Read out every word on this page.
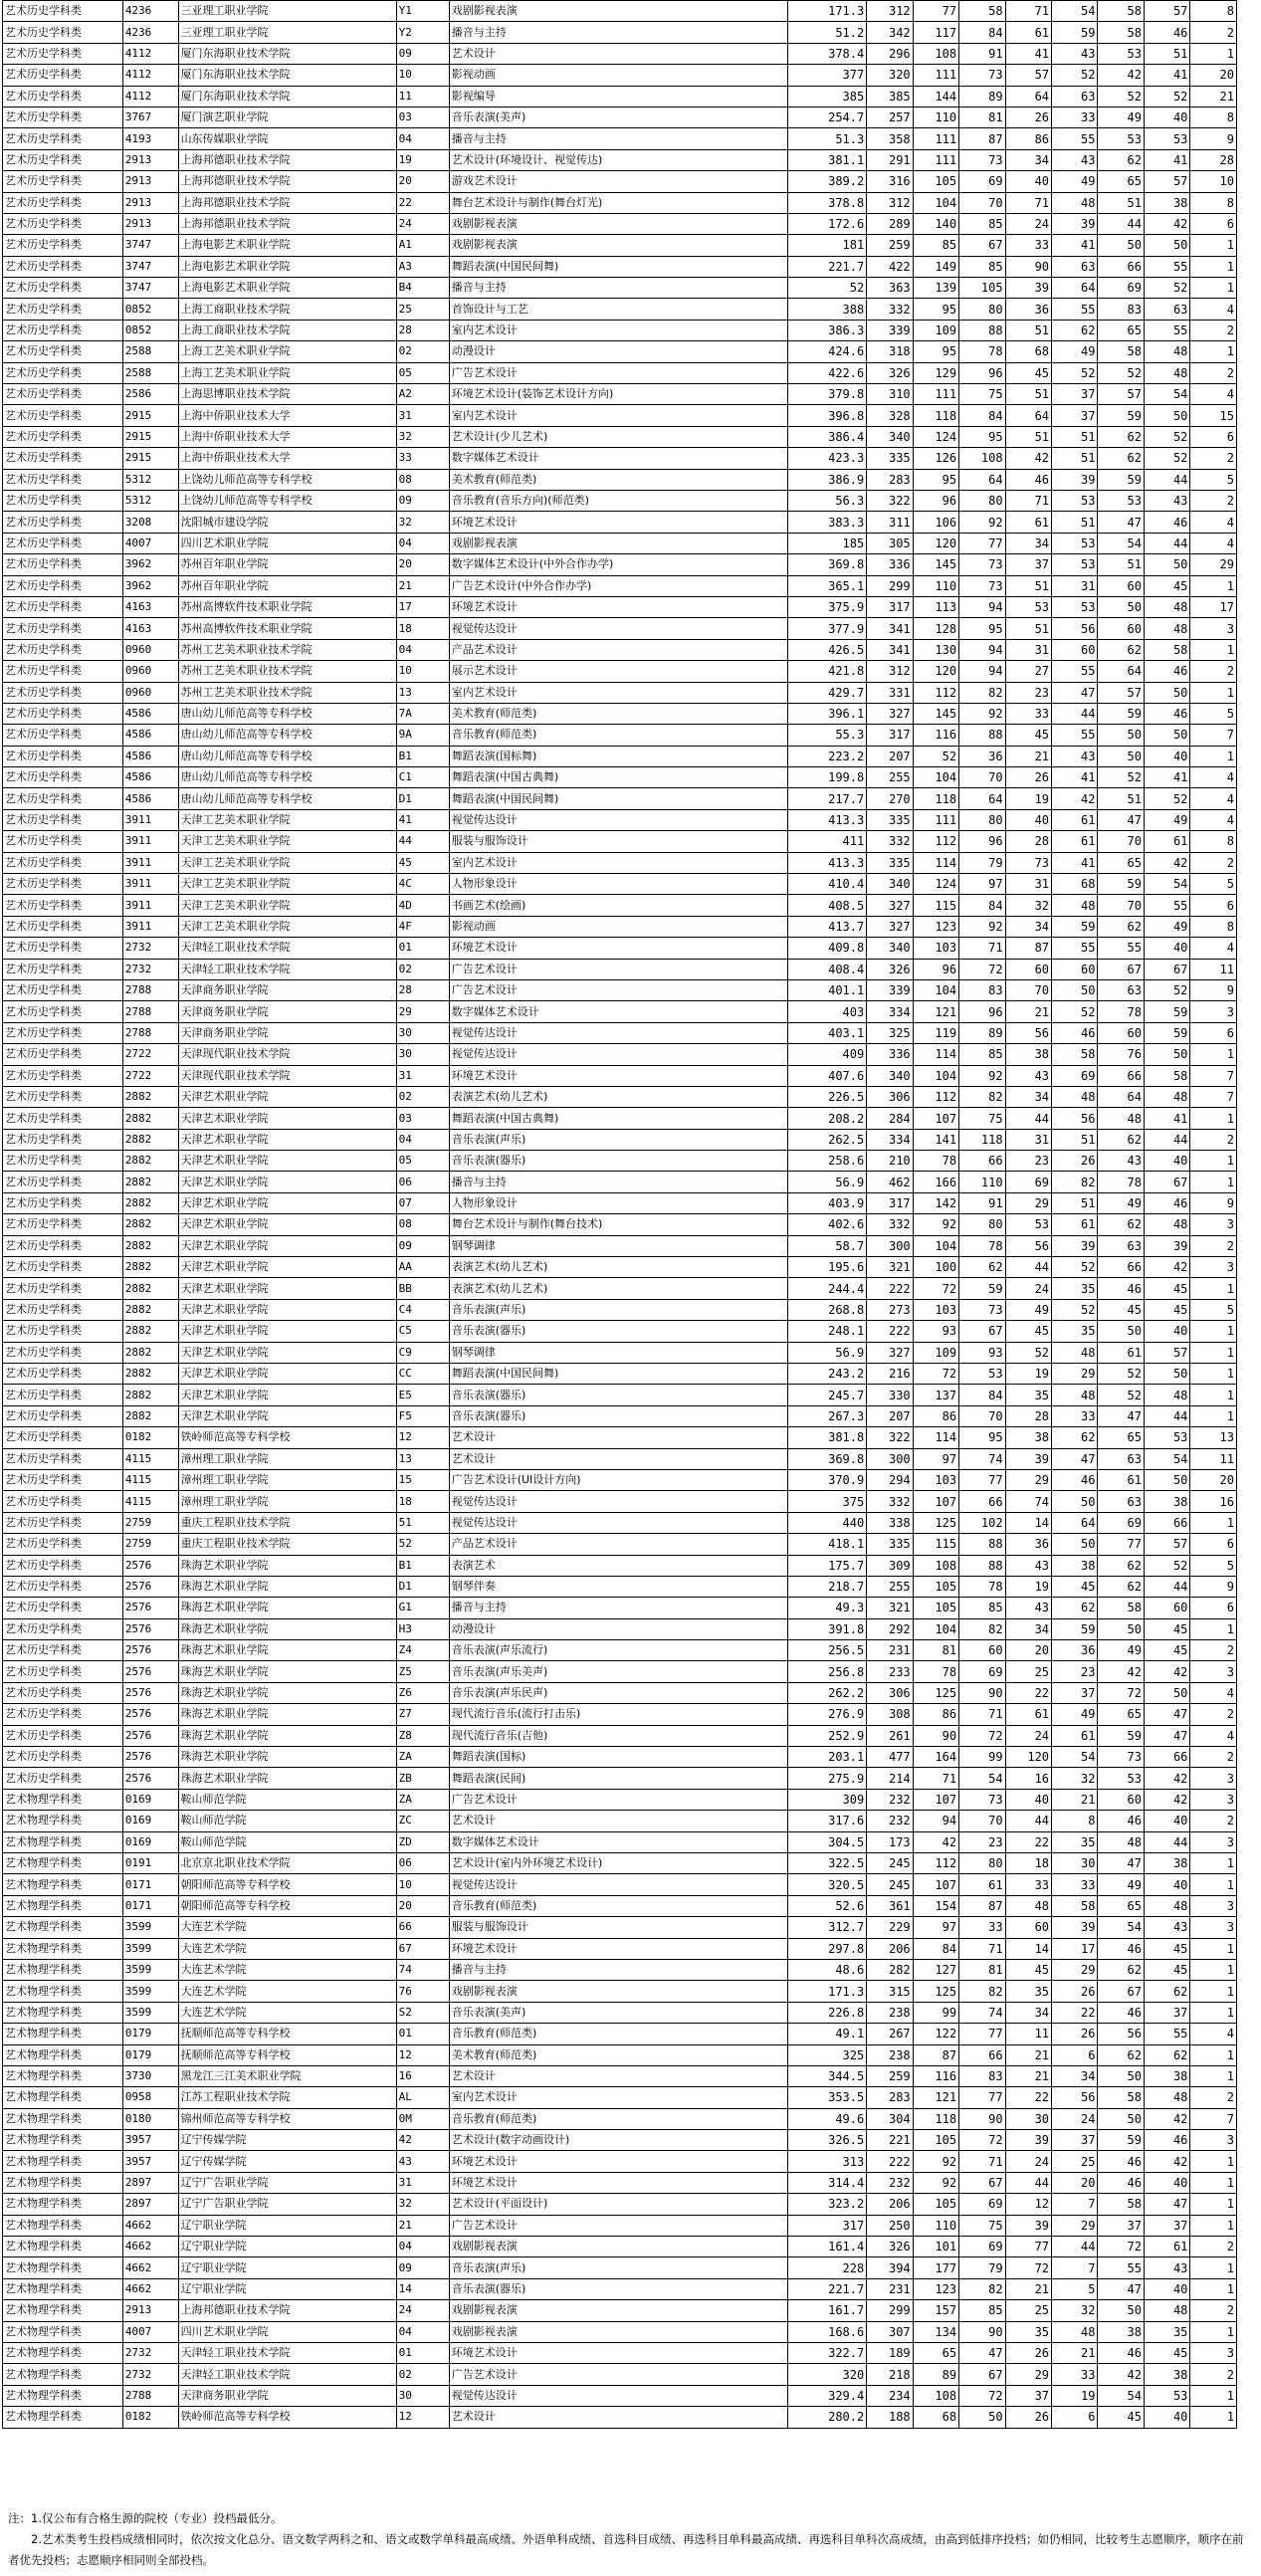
艺术历史学科类	4236	三亚理工职业学院	Y1	戏剧影视表演	171.3	312	77	58	71	54	58	57	8
艺术历史学科类	4236	三亚理工职业学院	Y2	播音与主持	51.2	342	117	84	61	59	58	46	2
艺术历史学科类	4112	厦门东海职业技术学院	09	艺术设计	378.4	296	108	91	41	43	53	51	1
艺术历史学科类	4112	厦门东海职业技术学院	10	影视动画	377	320	111	73	57	52	42	41	20
艺术历史学科类	4112	厦门东海职业技术学院	11	影视编导	385	385	144	89	64	63	52	52	21
艺术历史学科类	3767	厦门演艺职业学院	03	音乐表演(美声)	254.7	257	110	81	26	33	49	40	8
艺术历史学科类	4193	山东传媒职业学院	04	播音与主持	51.3	358	111	87	86	55	53	53	9
艺术历史学科类	2913	上海邦德职业技术学院	19	艺术设计(环境设计、视觉传达)	381.1	291	111	73	34	43	62	41	28
艺术历史学科类	2913	上海邦德职业技术学院	20	游戏艺术设计	389.2	316	105	69	40	49	65	57	10
艺术历史学科类	2913	上海邦德职业技术学院	22	舞台艺术设计与制作(舞台灯光)	378.8	312	104	70	71	48	51	38	8
艺术历史学科类	2913	上海邦德职业技术学院	24	戏剧影视表演	172.6	289	140	85	24	39	44	42	6
艺术历史学科类	3747	上海电影艺术职业学院	A1	戏剧影视表演	181	259	85	67	33	41	50	50	1
艺术历史学科类	3747	上海电影艺术职业学院	A3	舞蹈表演(中国民间舞)	221.7	422	149	85	90	63	66	55	1
艺术历史学科类	3747	上海电影艺术职业学院	B4	播音与主持	52	363	139	105	39	64	69	52	1
艺术历史学科类	0852	上海工商职业技术学院	25	首饰设计与工艺	388	332	95	80	36	55	83	63	4
艺术历史学科类	0852	上海工商职业技术学院	28	室内艺术设计	386.3	339	109	88	51	62	65	55	2
艺术历史学科类	2588	上海工艺美术职业学院	02	动漫设计	424.6	318	95	78	68	49	58	48	1
艺术历史学科类	2588	上海工艺美术职业学院	05	广告艺术设计	422.6	326	129	96	45	52	52	48	2
艺术历史学科类	2586	上海思博职业技术学院	A2	环境艺术设计(装饰艺术设计方向)	379.8	310	111	75	51	37	57	54	4
艺术历史学科类	2915	上海中侨职业技术大学	31	室内艺术设计	396.8	328	118	84	64	37	59	50	15
艺术历史学科类	2915	上海中侨职业技术大学	32	艺术设计(少儿艺术)	386.4	340	124	95	51	51	62	52	6
艺术历史学科类	2915	上海中侨职业技术大学	33	数字媒体艺术设计	423.3	335	126	108	42	51	62	52	2
艺术历史学科类	5312	上饶幼儿师范高等专科学校	08	美术教育(师范类)	386.9	283	95	64	46	39	59	44	5
艺术历史学科类	5312	上饶幼儿师范高等专科学校	09	音乐教育(音乐方向)(师范类)	56.3	322	96	80	71	53	53	43	2
艺术历史学科类	3208	沈阳城市建设学院	32	环境艺术设计	383.3	311	106	92	61	51	47	46	4
艺术历史学科类	4007	四川艺术职业学院	04	戏剧影视表演	185	305	120	77	34	53	54	44	4
艺术历史学科类	3962	苏州百年职业学院	20	数字媒体艺术设计(中外合作办学)	369.8	336	145	73	37	53	51	50	29
艺术历史学科类	3962	苏州百年职业学院	21	广告艺术设计(中外合作办学)	365.1	299	110	73	51	31	60	45	1
艺术历史学科类	4163	苏州高博软件技术职业学院	17	环境艺术设计	375.9	317	113	94	53	53	50	48	17
艺术历史学科类	4163	苏州高博软件技术职业学院	18	视觉传达设计	377.9	341	128	95	51	56	60	48	3
艺术历史学科类	0960	苏州工艺美术职业技术学院	04	产品艺术设计	426.5	341	130	94	31	60	62	58	1
艺术历史学科类	0960	苏州工艺美术职业技术学院	10	展示艺术设计	421.8	312	120	94	27	55	64	46	2
艺术历史学科类	0960	苏州工艺美术职业技术学院	13	室内艺术设计	429.7	331	112	82	23	47	57	50	1
艺术历史学科类	4586	唐山幼儿师范高等专科学校	7A	美术教育(师范类)	396.1	327	145	92	33	44	59	46	5
艺术历史学科类	4586	唐山幼儿师范高等专科学校	9A	音乐教育(师范类)	55.3	317	116	88	45	55	50	50	7
艺术历史学科类	4586	唐山幼儿师范高等专科学校	B1	舞蹈表演(国标舞)	223.2	207	52	36	21	43	50	40	1
艺术历史学科类	4586	唐山幼儿师范高等专科学校	C1	舞蹈表演(中国古典舞)	199.8	255	104	70	26	41	52	41	4
艺术历史学科类	4586	唐山幼儿师范高等专科学校	D1	舞蹈表演(中国民间舞)	217.7	270	118	64	19	42	51	52	4
艺术历史学科类	3911	天津工艺美术职业学院	41	视觉传达设计	413.3	335	111	80	40	61	47	49	4
艺术历史学科类	3911	天津工艺美术职业学院	44	服装与服饰设计	411	332	112	96	28	61	70	61	8
艺术历史学科类	3911	天津工艺美术职业学院	45	室内艺术设计	413.3	335	114	79	73	41	65	42	2
艺术历史学科类	3911	天津工艺美术职业学院	4C	人物形象设计	410.4	340	124	97	31	68	59	54	5
艺术历史学科类	3911	天津工艺美术职业学院	4D	书画艺术(绘画)	408.5	327	115	84	32	48	70	55	6
艺术历史学科类	3911	天津工艺美术职业学院	4F	影视动画	413.7	327	123	92	34	59	62	49	8
艺术历史学科类	2732	天津轻工职业技术学院	01	环境艺术设计	409.8	340	103	71	87	55	55	40	4
艺术历史学科类	2732	天津轻工职业技术学院	02	广告艺术设计	408.4	326	96	72	60	60	67	67	11
艺术历史学科类	2788	天津商务职业学院	28	广告艺术设计	401.1	339	104	83	70	50	63	52	9
艺术历史学科类	2788	天津商务职业学院	29	数字媒体艺术设计	403	334	121	96	21	52	78	59	3
艺术历史学科类	2788	天津商务职业学院	30	视觉传达设计	403.1	325	119	89	56	46	60	59	6
艺术历史学科类	2722	天津现代职业技术学院	30	视觉传达设计	409	336	114	85	38	58	76	50	1
艺术历史学科类	2722	天津现代职业技术学院	31	环境艺术设计	407.6	340	104	92	43	69	66	58	7
艺术历史学科类	2882	天津艺术职业学院	02	表演艺术(幼儿艺术)	226.5	306	112	82	34	48	64	48	7
艺术历史学科类	2882	天津艺术职业学院	03	舞蹈表演(中国古典舞)	208.2	284	107	75	44	56	48	41	1
艺术历史学科类	2882	天津艺术职业学院	04	音乐表演(声乐)	262.5	334	141	118	31	51	62	44	2
艺术历史学科类	2882	天津艺术职业学院	05	音乐表演(器乐)	258.6	210	78	66	23	26	43	40	1
艺术历史学科类	2882	天津艺术职业学院	06	播音与主持	56.9	462	166	110	69	82	78	67	1
艺术历史学科类	2882	天津艺术职业学院	07	人物形象设计	403.9	317	142	91	29	51	49	46	9
艺术历史学科类	2882	天津艺术职业学院	08	舞台艺术设计与制作(舞台技术)	402.6	332	92	80	53	61	62	48	3
艺术历史学科类	2882	天津艺术职业学院	09	钢琴调律	58.7	300	104	78	56	39	63	39	2
艺术历史学科类	2882	天津艺术职业学院	AA	表演艺术(幼儿艺术)	195.6	321	100	62	44	52	66	42	3
艺术历史学科类	2882	天津艺术职业学院	BB	表演艺术(幼儿艺术)	244.4	222	72	59	24	35	46	45	1
艺术历史学科类	2882	天津艺术职业学院	C4	音乐表演(声乐)	268.8	273	103	73	49	52	45	45	5
艺术历史学科类	2882	天津艺术职业学院	C5	音乐表演(器乐)	248.1	222	93	67	45	35	50	40	1
艺术历史学科类	2882	天津艺术职业学院	C9	钢琴调律	56.9	327	109	93	52	48	61	57	1
艺术历史学科类	2882	天津艺术职业学院	CC	舞蹈表演(中国民间舞)	243.2	216	72	53	19	29	52	50	1
艺术历史学科类	2882	天津艺术职业学院	E5	音乐表演(器乐)	245.7	330	137	84	35	48	52	48	1
艺术历史学科类	2882	天津艺术职业学院	F5	音乐表演(器乐)	267.3	207	86	70	28	33	47	44	1
艺术历史学科类	0182	铁岭师范高等专科学校	12	艺术设计	381.8	322	114	95	38	62	65	53	13
艺术历史学科类	4115	漳州理工职业学院	13	艺术设计	369.8	300	97	74	39	47	63	54	11
艺术历史学科类	4115	漳州理工职业学院	15	广告艺术设计(UI设计方向)	370.9	294	103	77	29	46	61	50	20
艺术历史学科类	4115	漳州理工职业学院	18	视觉传达设计	375	332	107	66	74	50	63	38	16
艺术历史学科类	2759	重庆工程职业技术学院	51	视觉传达设计	440	338	125	102	14	64	69	66	1
艺术历史学科类	2759	重庆工程职业技术学院	52	产品艺术设计	418.1	335	115	88	36	50	77	57	6
艺术历史学科类	2576	珠海艺术职业学院	B1	表演艺术	175.7	309	108	88	43	38	62	52	5
艺术历史学科类	2576	珠海艺术职业学院	D1	钢琴伴奏	218.7	255	105	78	19	45	62	44	9
艺术历史学科类	2576	珠海艺术职业学院	G1	播音与主持	49.3	321	105	85	43	62	58	60	6
艺术历史学科类	2576	珠海艺术职业学院	H3	动漫设计	391.8	292	104	82	34	59	50	45	1
艺术历史学科类	2576	珠海艺术职业学院	Z4	音乐表演(声乐流行)	256.5	231	81	60	20	36	49	45	2
艺术历史学科类	2576	珠海艺术职业学院	Z5	音乐表演(声乐美声)	256.8	233	78	69	25	23	42	42	3
艺术历史学科类	2576	珠海艺术职业学院	Z6	音乐表演(声乐民声)	262.2	306	125	90	22	37	72	50	4
艺术历史学科类	2576	珠海艺术职业学院	Z7	现代流行音乐(流行打击乐)	276.9	308	86	71	61	49	65	47	2
艺术历史学科类	2576	珠海艺术职业学院	Z8	现代流行音乐(吉他)	252.9	261	90	72	24	61	59	47	4
艺术历史学科类	2576	珠海艺术职业学院	ZA	舞蹈表演(国标)	203.1	477	164	99	120	54	73	66	2
艺术历史学科类	2576	珠海艺术职业学院	ZB	舞蹈表演(民间)	275.9	214	71	54	16	32	53	42	3
艺术物理学科类	0169	鞍山师范学院	ZA	广告艺术设计	309	232	107	73	40	21	60	42	3
艺术物理学科类	0169	鞍山师范学院	ZC	艺术设计	317.6	232	94	70	44	8	46	40	2
艺术物理学科类	0169	鞍山师范学院	ZD	数字媒体艺术设计	304.5	173	42	23	22	35	48	44	3
艺术物理学科类	0191	北京京北职业技术学院	06	艺术设计(室内外环境艺术设计)	322.5	245	112	80	18	30	47	38	1
艺术物理学科类	0171	朝阳师范高等专科学校	10	视觉传达设计	320.5	245	107	61	33	33	49	40	1
艺术物理学科类	0171	朝阳师范高等专科学校	20	音乐教育(师范类)	52.6	361	154	87	48	58	65	48	3
艺术物理学科类	3599	大连艺术学院	66	服装与服饰设计	312.7	229	97	33	60	39	54	43	3
艺术物理学科类	3599	大连艺术学院	67	环境艺术设计	297.8	206	84	71	14	17	46	45	1
艺术物理学科类	3599	大连艺术学院	74	播音与主持	48.6	282	127	81	45	29	62	45	1
艺术物理学科类	3599	大连艺术学院	76	戏剧影视表演	171.3	315	125	82	35	26	67	62	1
艺术物理学科类	3599	大连艺术学院	S2	音乐表演(美声)	226.8	238	99	74	34	22	46	37	1
艺术物理学科类	0179	抚顺师范高等专科学校	01	音乐教育(师范类)	49.1	267	122	77	11	26	56	55	4
艺术物理学科类	0179	抚顺师范高等专科学校	12	美术教育(师范类)	325	238	87	66	21	6	62	62	1
艺术物理学科类	3730	黑龙江三江美术职业学院	16	艺术设计	344.5	259	116	83	21	34	50	38	1
艺术物理学科类	0958	江苏工程职业技术学院	AL	室内艺术设计	353.5	283	121	77	22	56	58	48	2
艺术物理学科类	0180	锦州师范高等专科学校	0M	音乐教育(师范类)	49.6	304	118	90	30	24	50	42	7
艺术物理学科类	3957	辽宁传媒学院	42	艺术设计(数字动画设计)	326.5	221	105	72	39	37	59	46	3
艺术物理学科类	3957	辽宁传媒学院	43	环境艺术设计	313	222	92	71	24	25	46	42	1
艺术物理学科类	2897	辽宁广告职业学院	31	环境艺术设计	314.4	232	92	67	44	20	46	40	1
艺术物理学科类	2897	辽宁广告职业学院	32	艺术设计(平面设计)	323.2	206	105	69	12	7	58	47	1
艺术物理学科类	4662	辽宁职业学院	21	广告艺术设计	317	250	110	75	39	29	37	37	1
艺术物理学科类	4662	辽宁职业学院	04	戏剧影视表演	161.4	326	101	69	77	44	72	61	2
艺术物理学科类	4662	辽宁职业学院	09	音乐表演(声乐)	228	394	177	79	72	7	55	43	1
艺术物理学科类	4662	辽宁职业学院	14	音乐表演(器乐)	221.7	231	123	82	21	5	47	40	1
艺术物理学科类	2913	上海邦德职业技术学院	24	戏剧影视表演	161.7	299	157	85	25	32	50	48	2
艺术物理学科类	4007	四川艺术职业学院	04	戏剧影视表演	168.6	307	134	90	35	48	38	35	1
艺术物理学科类	2732	天津轻工职业技术学院	01	环境艺术设计	322.7	189	65	47	26	21	46	45	3
艺术物理学科类	2732	天津轻工职业技术学院	02	广告艺术设计	320	218	89	67	29	33	42	38	2
艺术物理学科类	2788	天津商务职业学院	30	视觉传达设计	329.4	234	108	72	37	19	54	53	1
艺术物理学科类	0182	铁岭师范高等专科学校	12	艺术设计	280.2	188	68	50	26	6	45	40	1

注：1.仅公布有合格生源的院校（专业）投档最低分。

　　2.艺术类考生投档成绩相同时，依次按文化总分、语文数学两科之和、语文或数学单科最高成绩、外语单科成绩、首选科目成绩、再选科目单科最高成绩、再选科目单科次高成绩，由高到低排序投档；如仍相同，比较考生志愿顺序，顺序在前者优先投档；志愿顺序相同则全部投档。
